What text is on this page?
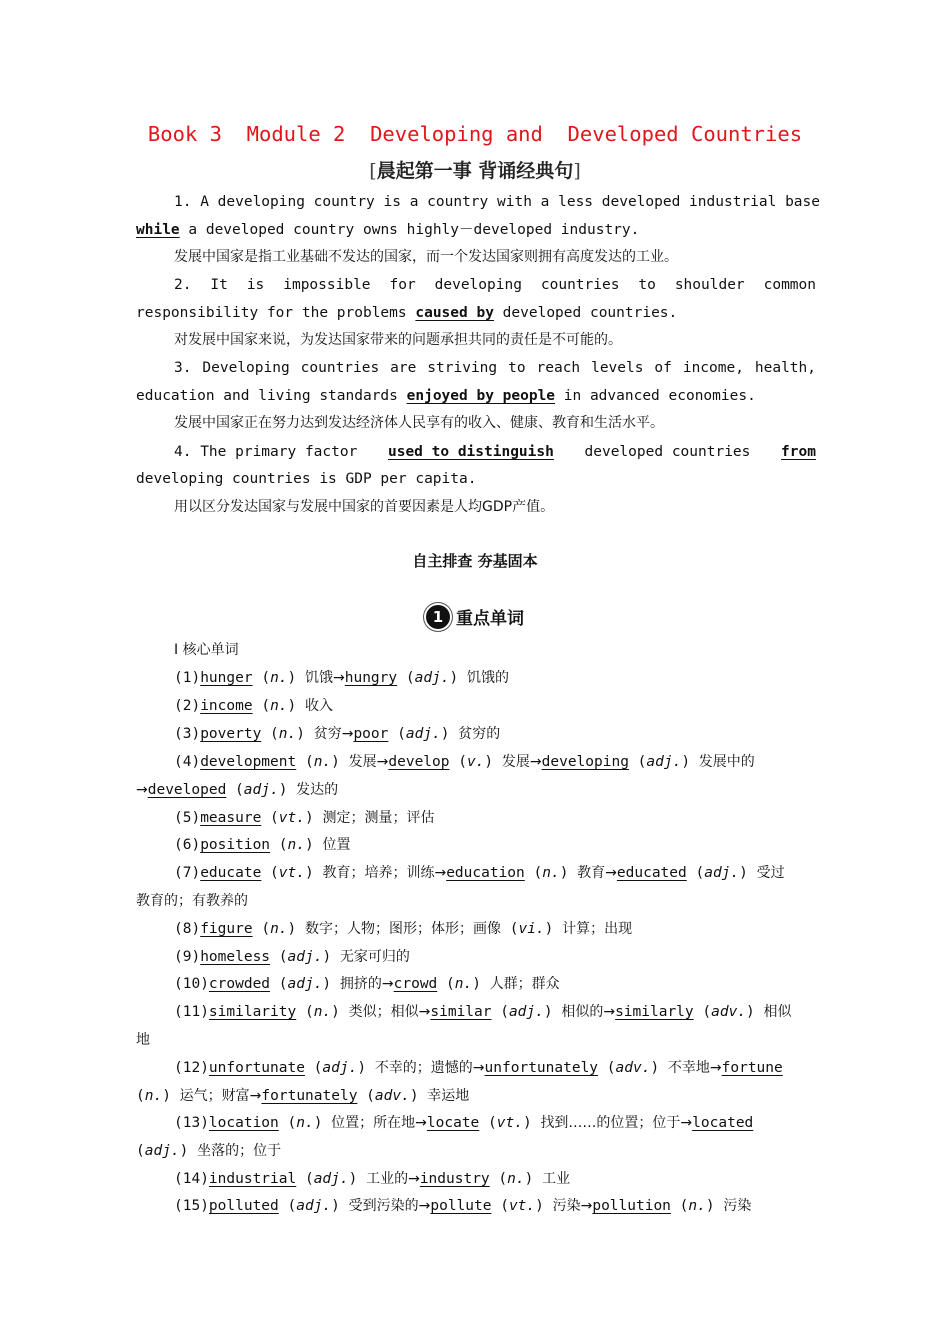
Book 3  Module 2  Developing and  Developed Countries
[晨起第一事 背诵经典句]
1. A developing country is a country with a less developed industrial base
while a developed country owns highly－developed industry.
发展中国家是指工业基础不发达的国家，而一个发达国家则拥有高度发达的工业。
2. It is impossible for developing countries to shoulder common
responsibility for the problems caused by developed countries.
对发展中国家来说，为发达国家带来的问题承担共同的责任是不可能的。
3. Developing countries are striving to reach levels of income, health,
education and living standards enjoyed by people in advanced economies.
发展中国家正在努力达到发达经济体人民享有的收入、健康、教育和生活水平。
4. The primary factor used to distinguish developed countries from
developing countries is GDP per capita.
用以区分发达国家与发展中国家的首要因素是人均GDP产值。
自主排查 夯基固本
1 重点单词
Ⅰ 核心单词
(1)hunger (n.) 饥饿→hungry (adj.) 饥饿的
(2)income (n.) 收入
(3)poverty (n.) 贫穷→poor (adj.) 贫穷的
(4)development (n.) 发展→develop (v.) 发展→developing (adj.) 发展中的
→developed (adj.) 发达的
(5)measure (vt.) 测定；测量；评估
(6)position (n.) 位置
(7)educate (vt.) 教育；培养；训练→education (n.) 教育→educated (adj.) 受过
教育的；有教养的
(8)figure (n.) 数字；人物；图形；体形；画像 (vi.) 计算；出现
(9)homeless (adj.) 无家可归的
(10)crowded (adj.) 拥挤的→crowd (n.) 人群；群众
(11)similarity (n.) 类似；相似→similar (adj.) 相似的→similarly (adv.) 相似
地
(12)unfortunate (adj.) 不幸的；遗憾的→unfortunately (adv.) 不幸地→fortune
(n.) 运气；财富→fortunately (adv.) 幸运地
(13)location (n.) 位置；所在地→locate (vt.) 找到……的位置；位于→located
(adj.) 坐落的；位于
(14)industrial (adj.) 工业的→industry (n.) 工业
(15)polluted (adj.) 受到污染的→pollute (vt.) 污染→pollution (n.) 污染
